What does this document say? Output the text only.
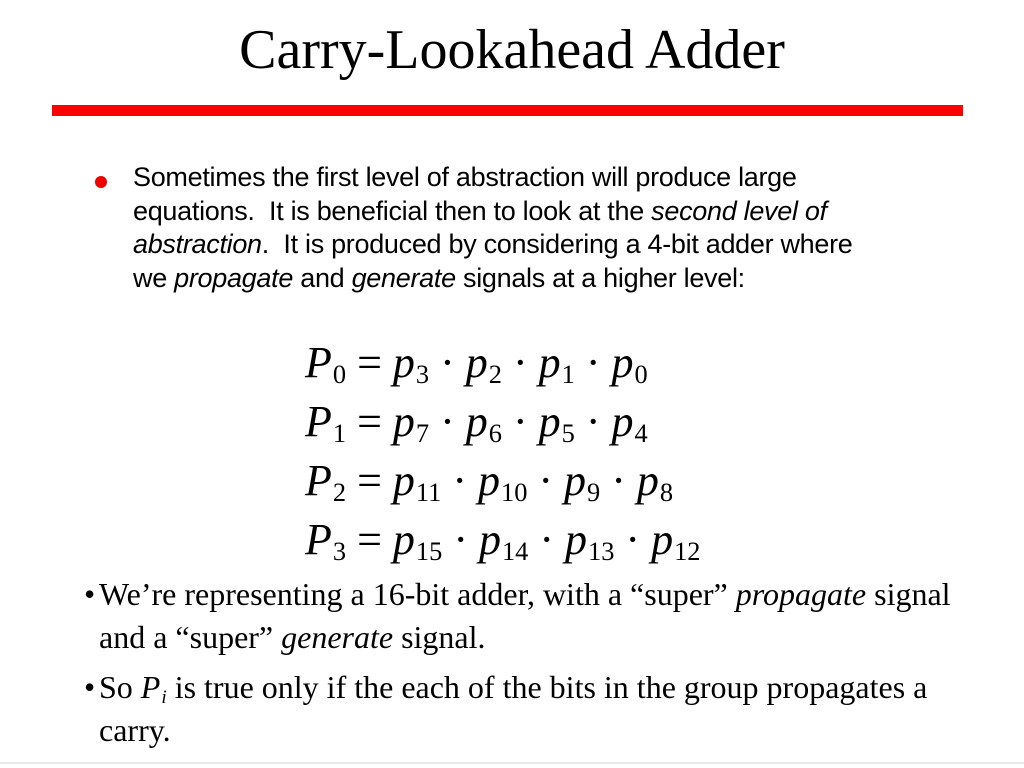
Carry-Lookahead Adder
Sometimes the first level of abstraction will produce large
equations.  It is beneficial then to look at the second level of
abstraction.  It is produced by considering a 4-bit adder where
we propagate and generate signals at a higher level:
$P_0 = p_3 \cdot p_2 \cdot p_1 \cdot p_0$
$P_1 = p_7 \cdot p_6 \cdot p_5 \cdot p_4$
$P_2 = p_{11} \cdot p_{10} \cdot p_9 \cdot p_8$
$P_3 = p_{15} \cdot p_{14} \cdot p_{13} \cdot p_{12}$
• We’re representing a 16-bit adder, with a “super” propagate signal
and a “super” generate signal.
• So $P_i$ is true only if the each of the bits in the group propagates a
carry.
